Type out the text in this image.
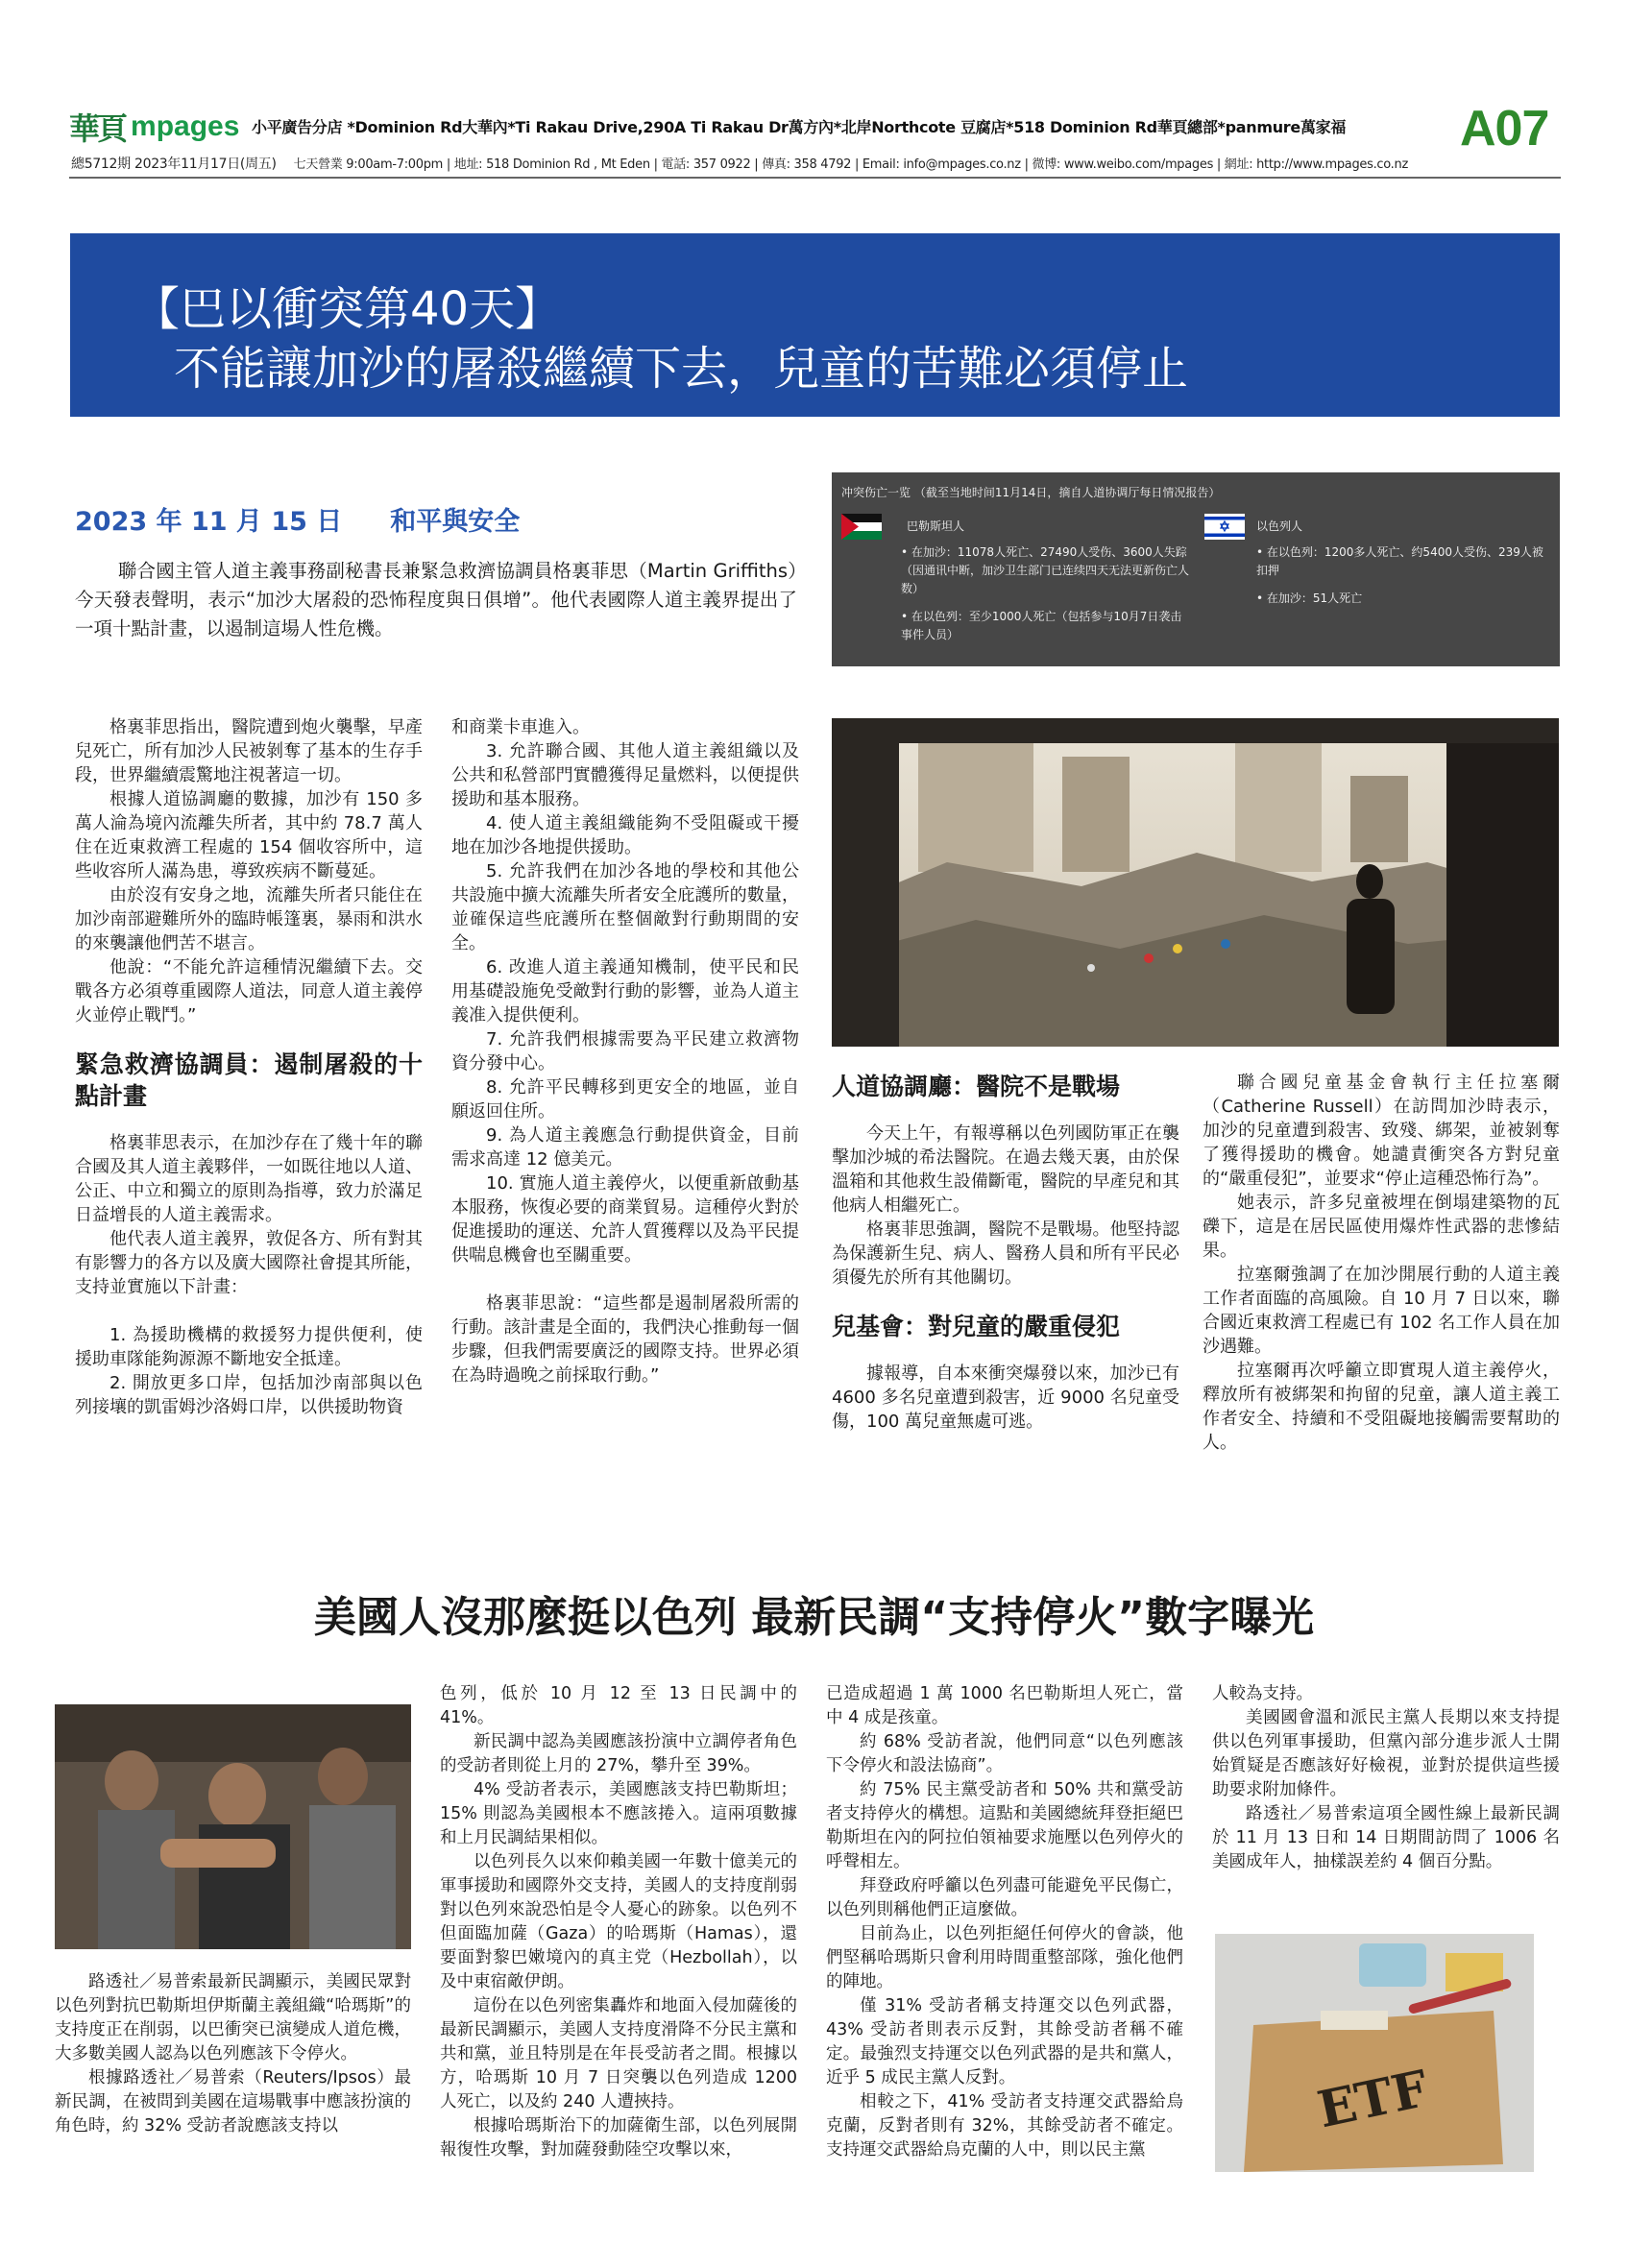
華頁 mpages 小平廣告分店 *Dominion Rd大華內*Ti Rakau Drive,290A Ti Rakau Dr萬方內*北岸Northcote 豆腐店*518 Dominion Rd華頁總部*panmure萬家福 A07
總5712期 2023年11月17日(周五) 七天營業 9:00am-7:00pm | 地址: 518 Dominion Rd , Mt Eden | 電話: 357 0922 | 傳真: 358 4792 | Email: info@mpages.co.nz | 微博: www.weibo.com/mpages | 網址: http://www.mpages.co.nz
【巴以衝突第40天】
不能讓加沙的屠殺繼續下去，兒童的苦難必須停止
2023 年 11 月 15 日 和平與安全

聯合國主管人道主義事務副秘書長兼緊急救濟協調員格裏菲思（Martin Griffiths）今天發表聲明，表示“加沙大屠殺的恐怖程度與日俱增”。他代表國際人道主義界提出了一項十點計畫，以遏制這場人性危機。

冲突伤亡一览 （截至当地时间11月14日，摘自人道协调厅每日情况报告）
巴勒斯坦人
• 在加沙：11078人死亡、27490人受伤、3600人失踪（因通讯中断，加沙卫生部门已连续四天无法更新伤亡人数）
• 在以色列：至少1000人死亡（包括参与10月7日袭击事件人员）
以色列人
• 在以色列：1200多人死亡、约5400人受伤、239人被扣押
• 在加沙：51人死亡

格裏菲思指出，醫院遭到炮火襲擊，早產兒死亡，所有加沙人民被剝奪了基本的生存手段，世界繼續震驚地注視著這一切。

根據人道協調廳的數據，加沙有 150 多萬人淪為境內流離失所者，其中約 78.7 萬人住在近東救濟工程處的 154 個收容所中，這些收容所人滿為患，導致疾病不斷蔓延。

由於沒有安身之地，流離失所者只能住在加沙南部避難所外的臨時帳篷裏，暴雨和洪水的來襲讓他們苦不堪言。

他說：“不能允許這種情況繼續下去。交戰各方必須尊重國際人道法，同意人道主義停火並停止戰鬥。”

緊急救濟協調員：遏制屠殺的十點計畫

格裏菲思表示，在加沙存在了幾十年的聯合國及其人道主義夥伴，一如既往地以人道、公正、中立和獨立的原則為指導，致力於滿足日益增長的人道主義需求。

他代表人道主義界，敦促各方、所有對其有影響力的各方以及廣大國際社會提其所能，支持並實施以下計畫：

1. 為援助機構的救援努力提供便利，使援助車隊能夠源源不斷地安全抵達。

2. 開放更多口岸，包括加沙南部與以色列接壤的凱雷姆沙洛姆口岸，以供援助物資

和商業卡車進入。

3. 允許聯合國、其他人道主義組織以及公共和私營部門實體獲得足量燃料，以便提供援助和基本服務。

4. 使人道主義組織能夠不受阻礙或干擾地在加沙各地提供援助。

5. 允許我們在加沙各地的學校和其他公共設施中擴大流離失所者安全庇護所的數量，並確保這些庇護所在整個敵對行動期間的安全。

6. 改進人道主義通知機制，使平民和民用基礎設施免受敵對行動的影響，並為人道主義准入提供便利。

7. 允許我們根據需要為平民建立救濟物資分發中心。

8. 允許平民轉移到更安全的地區，並自願返回住所。

9. 為人道主義應急行動提供資金，目前需求高達 12 億美元。

10. 實施人道主義停火，以便重新啟動基本服務，恢復必要的商業貿易。這種停火對於促進援助的運送、允許人質獲釋以及為平民提供喘息機會也至關重要。

格裏菲思說：“這些都是遏制屠殺所需的行動。該計畫是全面的，我們決心推動每一個步驟，但我們需要廣泛的國際支持。世界必須在為時過晚之前採取行動。”

人道協調廳：醫院不是戰場

今天上午，有報導稱以色列國防軍正在襲擊加沙城的希法醫院。在過去幾天裏，由於保溫箱和其他救生設備斷電，醫院的早產兒和其他病人相繼死亡。

格裏菲思強調，醫院不是戰場。他堅持認為保護新生兒、病人、醫務人員和所有平民必須優先於所有其他關切。

兒基會：對兒童的嚴重侵犯

據報導，自本來衝突爆發以來，加沙已有 4600 多名兒童遭到殺害，近 9000 名兒童受傷，100 萬兒童無處可逃。

聯合國兒童基金會執行主任拉塞爾（Catherine Russell）在訪問加沙時表示，加沙的兒童遭到殺害、致殘、綁架，並被剝奪了獲得援助的機會。她譴責衝突各方對兒童的“嚴重侵犯”，並要求“停止這種恐怖行為”。

她表示，許多兒童被埋在倒塌建築物的瓦礫下，這是在居民區使用爆炸性武器的悲慘結果。

拉塞爾強調了在加沙開展行動的人道主義工作者面臨的高風險。自 10 月 7 日以來，聯合國近東救濟工程處已有 102 名工作人員在加沙遇難。

拉塞爾再次呼籲立即實現人道主義停火，釋放所有被綁架和拘留的兒童，讓人道主義工作者安全、持續和不受阻礙地接觸需要幫助的人。

美國人沒那麼挺以色列 最新民調“支持停火”數字曝光

路透社／易普索最新民調顯示，美國民眾對以色列對抗巴勒斯坦伊斯蘭主義組織“哈瑪斯”的支持度正在削弱，以巴衝突已演變成人道危機，大多數美國人認為以色列應該下令停火。

根據路透社／易普索（Reuters/Ipsos）最新民調，在被問到美國在這場戰事中應該扮演的角色時，約 32% 受訪者說應該支持以

色列，低於 10 月 12 至 13 日民調中的 41%。

新民調中認為美國應該扮演中立調停者角色的受訪者則從上月的 27%，攀升至 39%。

4% 受訪者表示，美國應該支持巴勒斯坦；15% 則認為美國根本不應該捲入。這兩項數據和上月民調結果相似。

以色列長久以來仰賴美國一年數十億美元的軍事援助和國際外交支持，美國人的支持度削弱對以色列來說恐怕是令人憂心的跡象。以色列不但面臨加薩（Gaza）的哈瑪斯（Hamas），還要面對黎巴嫩境內的真主党（Hezbollah），以及中東宿敵伊朗。

這份在以色列密集轟炸和地面入侵加薩後的最新民調顯示，美國人支持度滑降不分民主黨和共和黨，並且特別是在年長受訪者之間。根據以方，哈瑪斯 10 月 7 日突襲以色列造成 1200 人死亡，以及約 240 人遭挾持。

根據哈瑪斯治下的加薩衛生部，以色列展開報復性攻擊，對加薩發動陸空攻擊以來，

已造成超過 1 萬 1000 名巴勒斯坦人死亡，當中 4 成是孩童。

約 68% 受訪者說，他們同意“以色列應該下令停火和設法協商”。

約 75% 民主黨受訪者和 50% 共和黨受訪者支持停火的構想。這點和美國總統拜登拒絕巴勒斯坦在內的阿拉伯領袖要求施壓以色列停火的呼聲相左。

拜登政府呼籲以色列盡可能避免平民傷亡，以色列則稱他們正這麼做。

目前為止，以色列拒絕任何停火的會談，他們堅稱哈瑪斯只會利用時間重整部隊，強化他們的陣地。

僅 31% 受訪者稱支持運交以色列武器，43% 受訪者則表示反對，其餘受訪者稱不確定。最強烈支持運交以色列武器的是共和黨人，近乎 5 成民主黨人反對。

相較之下，41% 受訪者支持運交武器給烏克蘭，反對者則有 32%，其餘受訪者不確定。支持運交武器給烏克蘭的人中，則以民主黨

人較為支持。

美國國會溫和派民主黨人長期以來支持提供以色列軍事援助，但黨內部分進步派人士開始質疑是否應該好好檢視，並對於提供這些援助要求附加條件。

路透社／易普索這項全國性線上最新民調於 11 月 13 日和 14 日期間訪問了 1006 名美國成年人，抽樣誤差約 4 個百分點。

ETF
